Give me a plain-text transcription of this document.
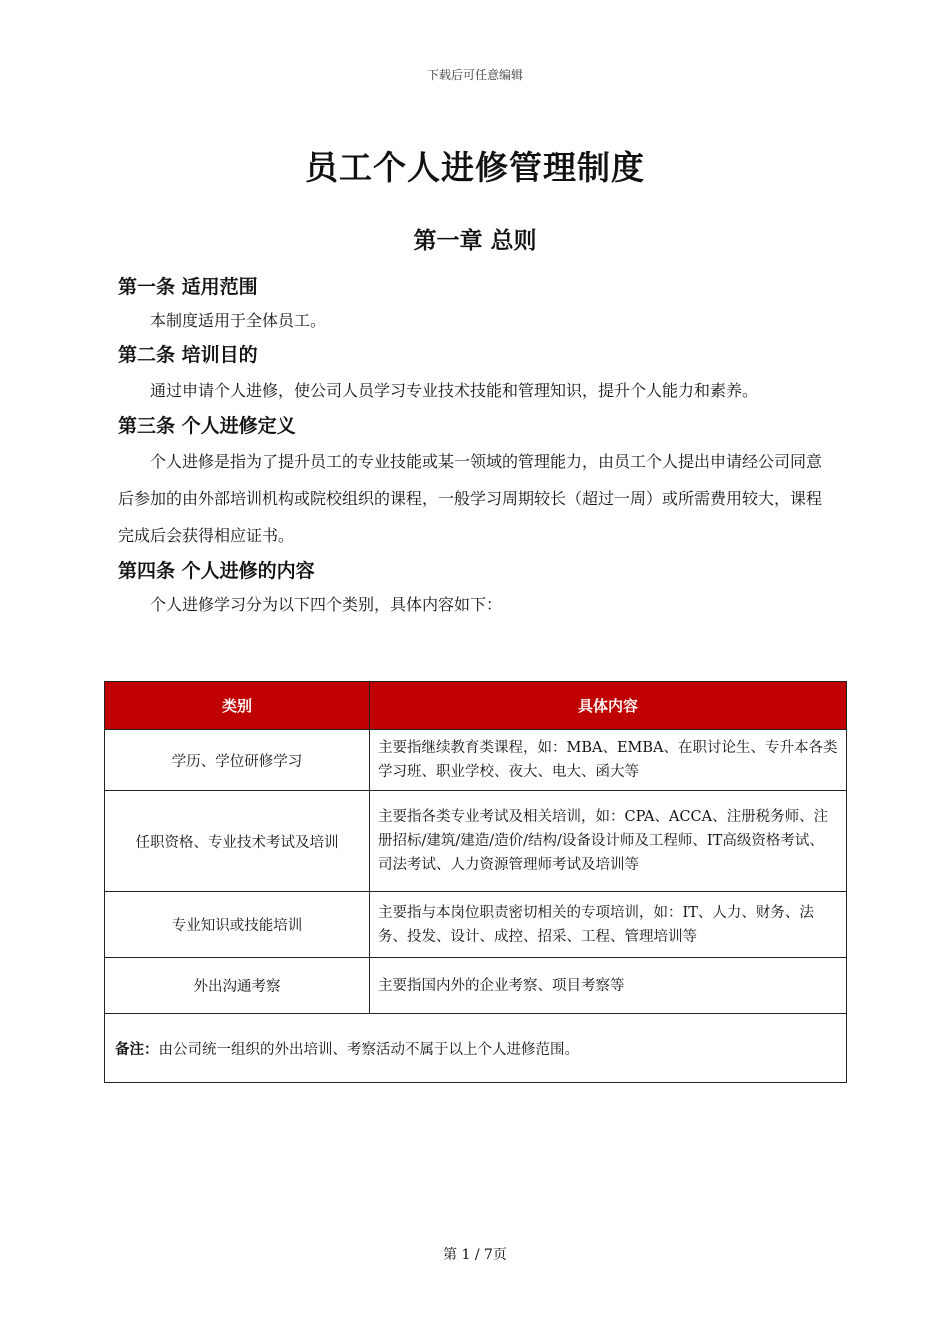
下载后可任意编辑
员工个人进修管理制度
第一章 总则
第一条 适用范围

本制度适用于全体员工。

第二条 培训目的

通过申请个人进修，使公司人员学习专业技术技能和管理知识，提升个人能力和素养。

第三条 个人进修定义

个人进修是指为了提升员工的专业技能或某一领域的管理能力，由员工个人提出申请经公司同意后参加的由外部培训机构或院校组织的课程，一般学习周期较长（超过一周）或所需费用较大，课程完成后会获得相应证书。

第四条 个人进修的内容

个人进修学习分为以下四个类别，具体内容如下：

类别	具体内容
学历、学位研修学习	主要指继续教育类课程，如：MBA、EMBA、在职讨论生、专升本各类学习班、职业学校、夜大、电大、函大等
任职资格、专业技术考试及培训	主要指各类专业考试及相关培训，如：CPA、ACCA、注册税务师、注册招标/建筑/建造/造价/结构/设备设计师及工程师、IT高级资格考试、司法考试、人力资源管理师考试及培训等
专业知识或技能培训	主要指与本岗位职责密切相关的专项培训，如：IT、人力、财务、法务、投发、设计、成控、招采、工程、管理培训等
外出沟通考察	主要指国内外的企业考察、项目考察等
备注：由公司统一组织的外出培训、考察活动不属于以上个人进修范围。	
第 1 / 7页
